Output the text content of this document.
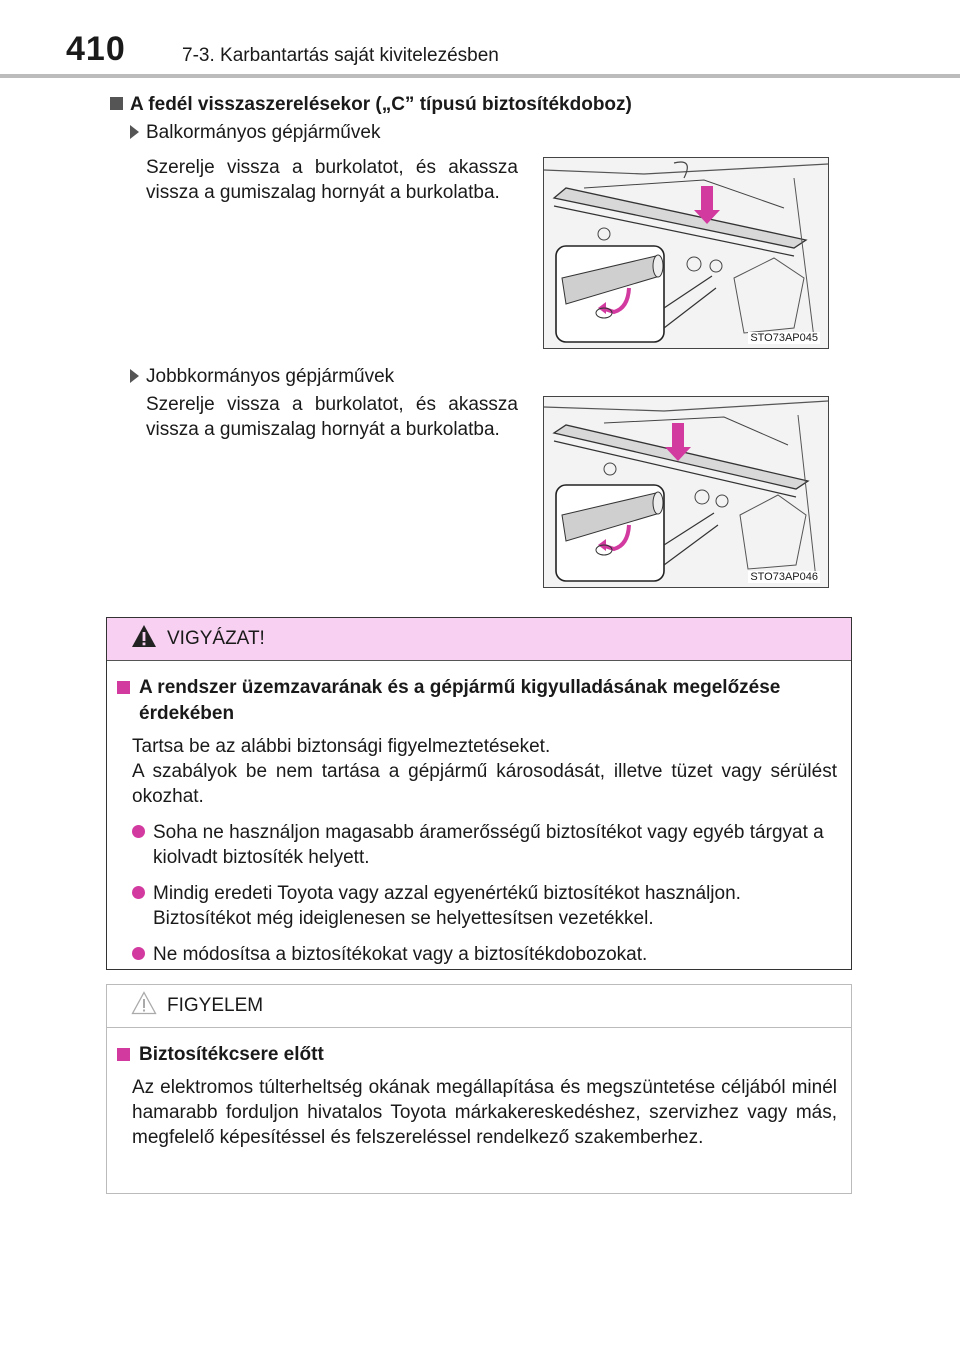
410	7-3. Karbantartás saját kivitelezésben
A fedél visszaszerelésekor („C” típusú biztosítékdoboz)
Balkormányos gépjárművek

Szerelje vissza a burkolatot, és akassza vissza a gumiszalag hornyát a burkolatba.

STO73AP045
Jobbkormányos gépjárművek

Szerelje vissza a burkolatot, és akassza vissza a gumiszalag hornyát a burkolatba.

STO73AP046
VIGYÁZAT!
A rendszer üzemzavarának és a gépjármű kigyulladásának megelőzése érdekében
Tartsa be az alábbi biztonsági figyelmeztetéseket.
A szabályok be nem tartása a gépjármű károsodását, illetve tüzet vagy sérülést okozhat.
Soha ne használjon magasabb áramerősségű biztosítékot vagy egyéb tárgyat a kiolvadt biztosíték helyett.
Mindig eredeti Toyota vagy azzal egyenértékű biztosítékot használjon. Biztosítékot még ideiglenesen se helyettesítsen vezetékkel.
Ne módosítsa a biztosítékokat vagy a biztosítékdobozokat.
FIGYELEM
Biztosítékcsere előtt
Az elektromos túlterheltség okának megállapítása és megszüntetése céljából minél hamarabb forduljon hivatalos Toyota márkakereskedéshez, szervizhez vagy más, megfelelő képesítéssel és felszereléssel rendelkező szakemberhez.
